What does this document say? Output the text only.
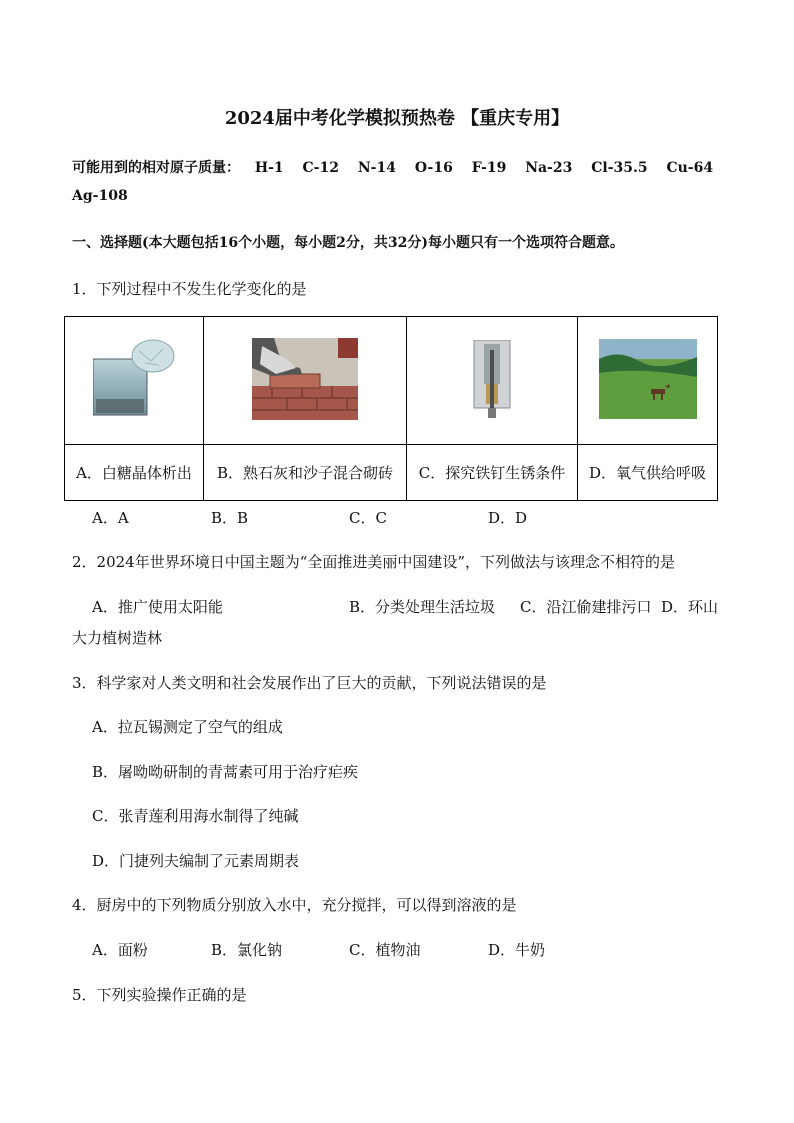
2024届中考化学模拟预热卷 【重庆专用】
可能用到的相对原子质量： H-1 C-12 N-14 O-16 F-19 Na-23 Cl-35.5 Cu-64
Ag-108
一、选择题(本大题包括16个小题，每小题2分，共32分)每小题只有一个选项符合题意。
1．下列过程中不发生化学变化的是

A．白糖晶体析出	B．熟石灰和沙子混合砌砖	C．探究铁钉生锈条件	D．氧气供给呼吸
A．A	B．B	C．C	D．D
2．2024年世界环境日中国主题为“全面推进美丽中国建设”，下列做法与该理念不相符的是
A．推广使用太阳能	B．分类处理生活垃圾 C．沿江偷建排污口 D．环山
大力植树造林
3．科学家对人类文明和社会发展作出了巨大的贡献，下列说法错误的是
A．拉瓦锡测定了空气的组成
B．屠呦呦研制的青蒿素可用于治疗疟疾
C．张青莲利用海水制得了纯碱
D．门捷列夫编制了元素周期表
4．厨房中的下列物质分别放入水中，充分搅拌，可以得到溶液的是
A．面粉	B．氯化钠	C．植物油	D．牛奶
5．下列实验操作正确的是
